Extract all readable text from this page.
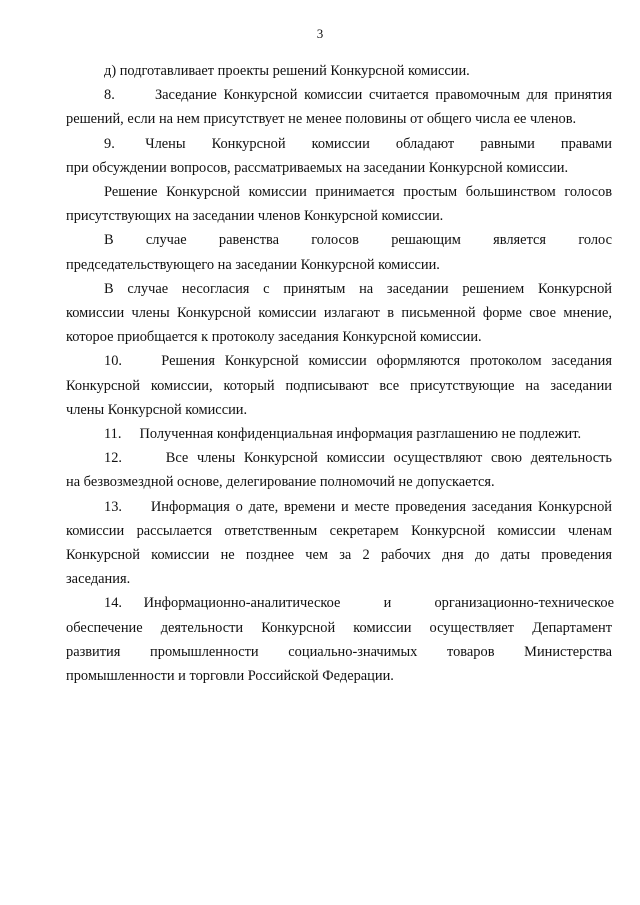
3
д) подготавливает проекты решений Конкурсной комиссии.
8.      Заседание Конкурсной комиссии считается правомочным для принятия
решений, если на нем присутствует не менее половины от общего числа ее членов.
9.       Члены      Конкурсной      комиссии      обладают      равными      правами
при обсуждении вопросов, рассматриваемых на заседании Конкурсной комиссии.
Решение Конкурсной комиссии принимается простым большинством голосов
присутствующих на заседании членов Конкурсной комиссии.
В        случае        равенства        голосов        решающим        является        голос
председательствующего на заседании Конкурсной комиссии.
В случае несогласия с принятым на заседании решением Конкурсной
комиссии члены Конкурсной комиссии излагают в письменной форме свое мнение,
которое приобщается к протоколу заседания Конкурсной комиссии.
10.    Решения Конкурсной комиссии оформляются протоколом заседания
Конкурсной комиссии, который подписывают все присутствующие на заседании
члены Конкурсной комиссии.
11.     Полученная конфиденциальная информация разглашению не подлежит.
12.     Все члены Конкурсной комиссии осуществляют свою деятельность
на безвозмездной основе, делегирование полномочий не допускается.
13.     Информация о дате, времени и месте проведения заседания Конкурсной
комиссии рассылается ответственным секретарем Конкурсной комиссии членам
Конкурсной комиссии не позднее чем за 2 рабочих дня до даты проведения
заседания.
14.      Информационно-аналитическое            и            организационно-техническое
обеспечение деятельности Конкурсной комиссии осуществляет Департамент
развития        промышленности        социально-значимых        товаров        Министерства
промышленности и торговли Российской Федерации.
